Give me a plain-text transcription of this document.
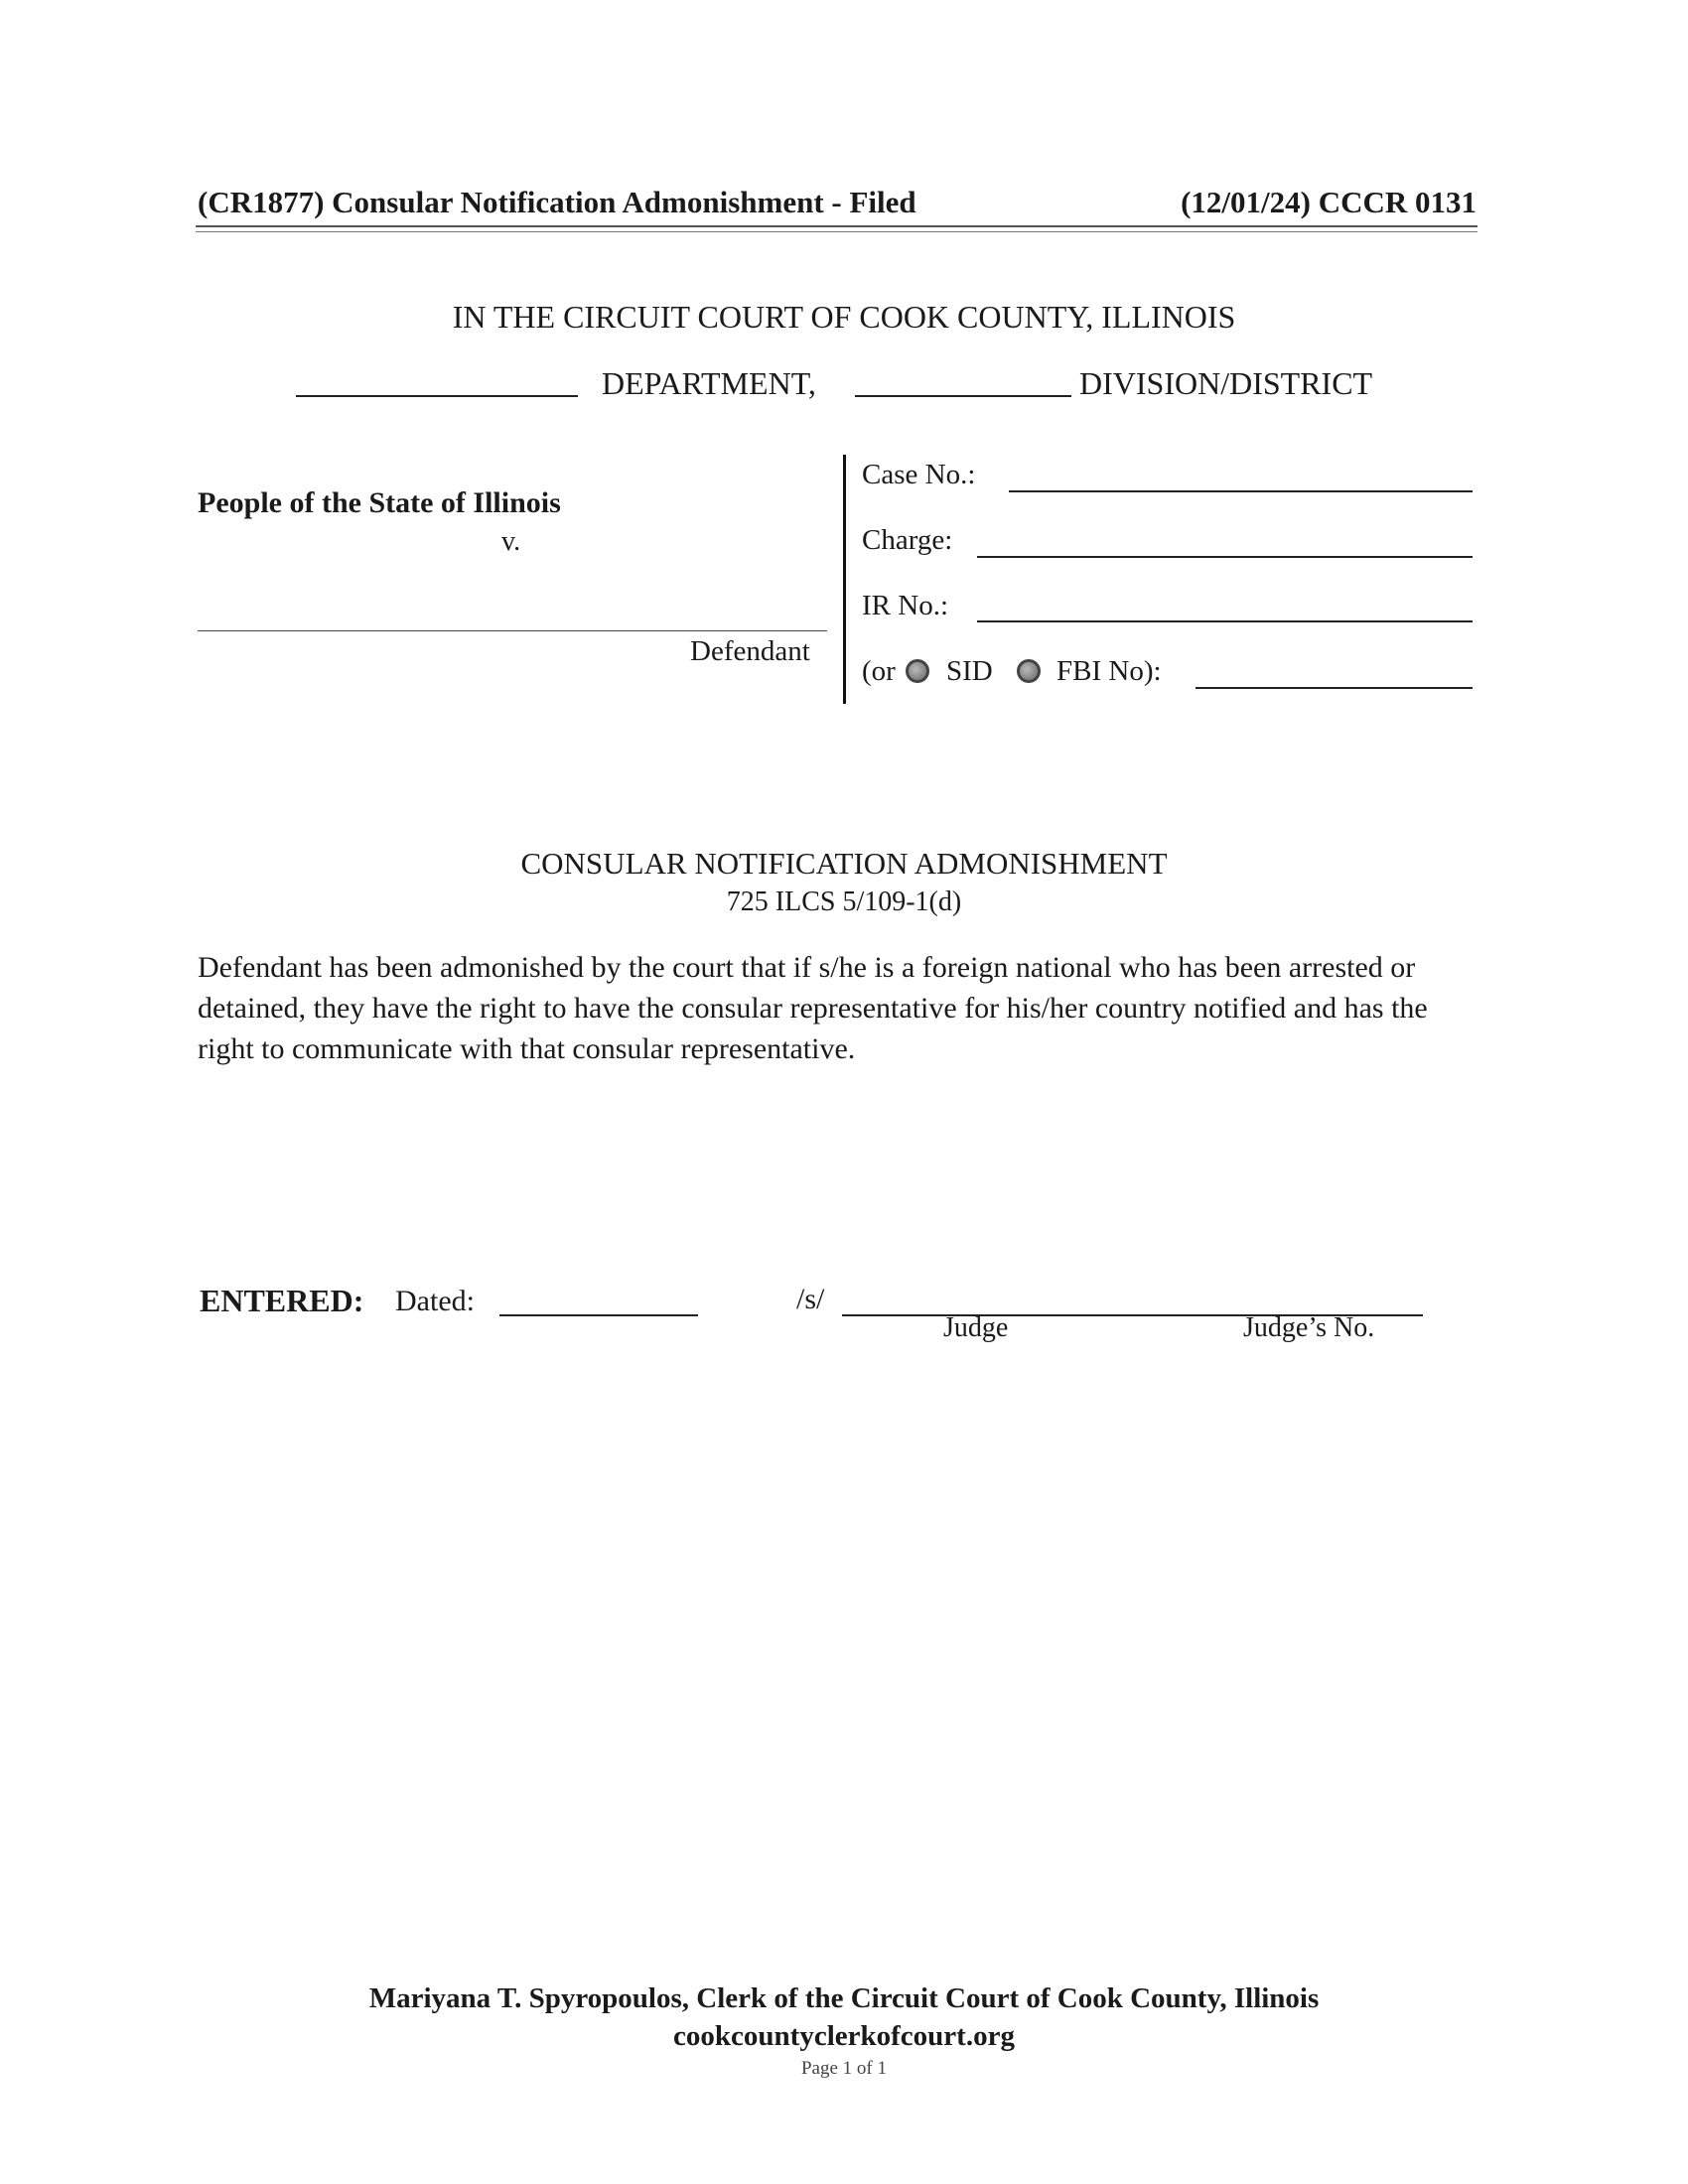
(CR1877) Consular Notification Admonishment - Filed	(12/01/24) CCCR 0131
IN THE CIRCUIT COURT OF COOK COUNTY, ILLINOIS
DEPARTMENT,	DIVISION/DISTRICT
People of the State of Illinois
v.
Defendant
Case No.:
Charge:
IR No.:
(or SID FBI No):
CONSULAR NOTIFICATION ADMONISHMENT
725 ILCS 5/109-1(d)
Defendant has been admonished by the court that if s/he is a foreign national who has been arrested or detained, they have the right to have the consular representative for his/her country notified and has the right to communicate with that consular representative.
ENTERED: Dated:	/s/
Judge	Judge’s No.
Mariyana T. Spyropoulos, Clerk of the Circuit Court of Cook County, Illinois
cookcountyclerkofcourt.org
Page 1 of 1
